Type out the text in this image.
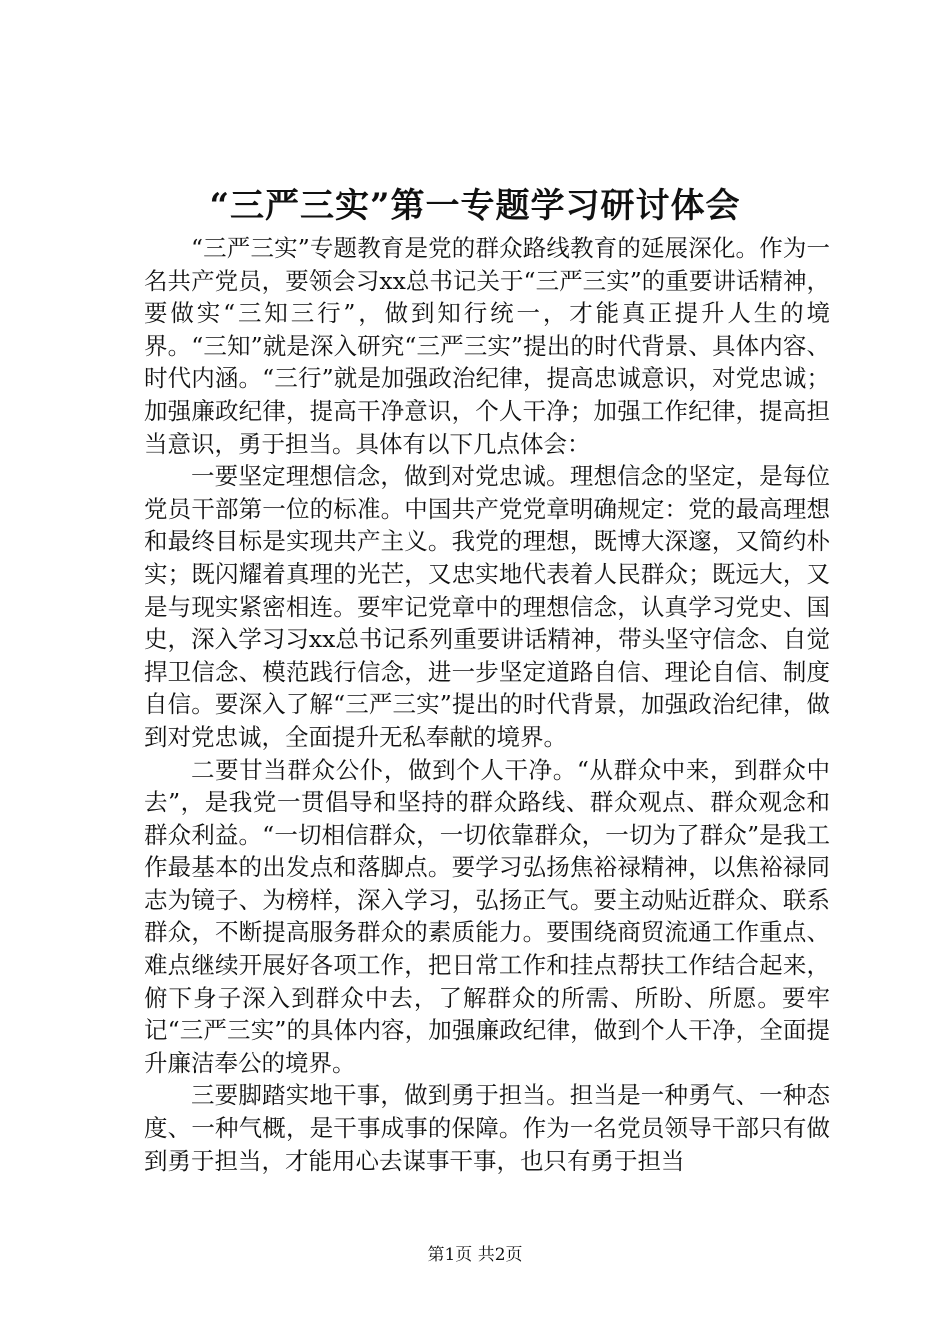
“三严三实”第一专题学习研讨体会

“三严三实”专题教育是党的群众路线教育的延展深化。作为一名共产党员，要领会习xx总书记关于“三严三实”的重要讲话精神，要做实“三知三行”，做到知行统一，才能真正提升人生的境界。“三知”就是深入研究“三严三实”提出的时代背景、具体内容、时代内涵。“三行”就是加强政治纪律，提高忠诚意识，对党忠诚；加强廉政纪律，提高干净意识，个人干净；加强工作纪律，提高担当意识，勇于担当。具体有以下几点体会：

一要坚定理想信念，做到对党忠诚。理想信念的坚定，是每位党员干部第一位的标准。中国共产党党章明确规定：党的最高理想和最终目标是实现共产主义。我党的理想，既博大深邃，又简约朴实；既闪耀着真理的光芒，又忠实地代表着人民群众；既远大，又是与现实紧密相连。要牢记党章中的理想信念，认真学习党史、国史，深入学习习xx总书记系列重要讲话精神，带头坚守信念、自觉捍卫信念、模范践行信念，进一步坚定道路自信、理论自信、制度自信。要深入了解“三严三实”提出的时代背景，加强政治纪律，做到对党忠诚，全面提升无私奉献的境界。

二要甘当群众公仆，做到个人干净。“从群众中来，到群众中去”，是我党一贯倡导和坚持的群众路线、群众观点、群众观念和群众利益。“一切相信群众，一切依靠群众，一切为了群众”是我工作最基本的出发点和落脚点。要学习弘扬焦裕禄精神，以焦裕禄同志为镜子、为榜样，深入学习，弘扬正气。要主动贴近群众、联系群众，不断提高服务群众的素质能力。要围绕商贸流通工作重点、难点继续开展好各项工作，把日常工作和挂点帮扶工作结合起来，俯下身子深入到群众中去，了解群众的所需、所盼、所愿。要牢记“三严三实”的具体内容，加强廉政纪律，做到个人干净，全面提升廉洁奉公的境界。

三要脚踏实地干事，做到勇于担当。担当是一种勇气、一种态度、一种气概，是干事成事的保障。作为一名党员领导干部只有做到勇于担当，才能用心去谋事干事，也只有勇于担当

第1页 共2页
